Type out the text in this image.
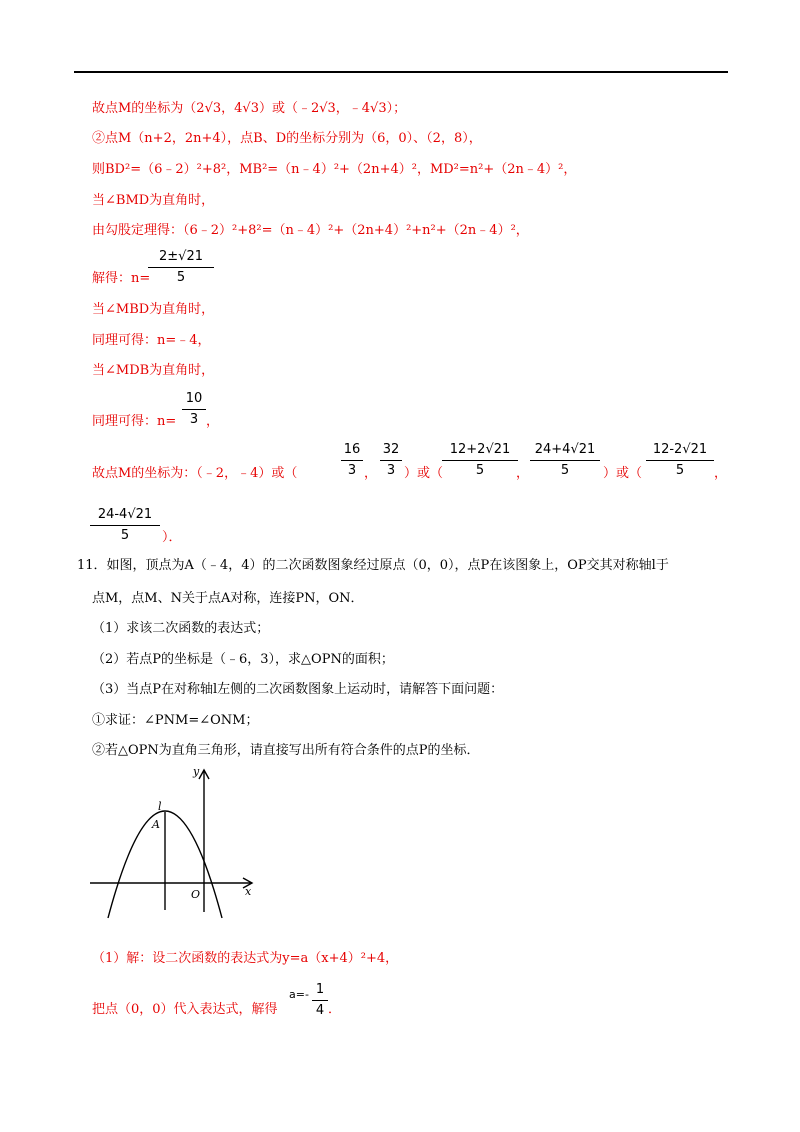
故点M的坐标为（2√3，4√3）或（﹣2√3，﹣4√3）；
②点M（n+2，2n+4），点B、D的坐标分别为（6，0）、（2，8），
则BD²=（6﹣2）²+8²，MB²=（n﹣4）²+（2n+4）²，MD²=n²+（2n﹣4）²，
当∠BMD为直角时，
由勾股定理得：（6﹣2）²+8²=（n﹣4）²+（2n+4）²+n²+（2n﹣4）²，
解得：n=
2±√21
5
当∠MBD为直角时，
同理可得：n=﹣4，
当∠MDB为直角时，
同理可得：n=
10
3 ，
故点M的坐标为：（﹣2，﹣4）或（
16
3 ，
32
3 ）或（
12+2√21
5	，
24+4√21
5	）或（
12-2√21
5	，
24-4√21
5	）．
11．如图，顶点为A（﹣4，4）的二次函数图象经过原点（0，0），点P在该图象上，OP交其对称轴l于
点M，点M、N关于点A对称，连接PN，ON．
（1）求该二次函数的表达式；
（2）若点P的坐标是（﹣6，3），求△OPN的面积；
（3）当点P在对称轴l左侧的二次函数图象上运动时，请解答下面问题：
①求证：∠PNM=∠ONM；
②若△OPN为直角三角形，请直接写出所有符合条件的点P的坐标．
y
x
l
A
O
（1）解：设二次函数的表达式为y=a（x+4）²+4，
把点（0，0）代入表达式，解得
a=- 1
4 ．
